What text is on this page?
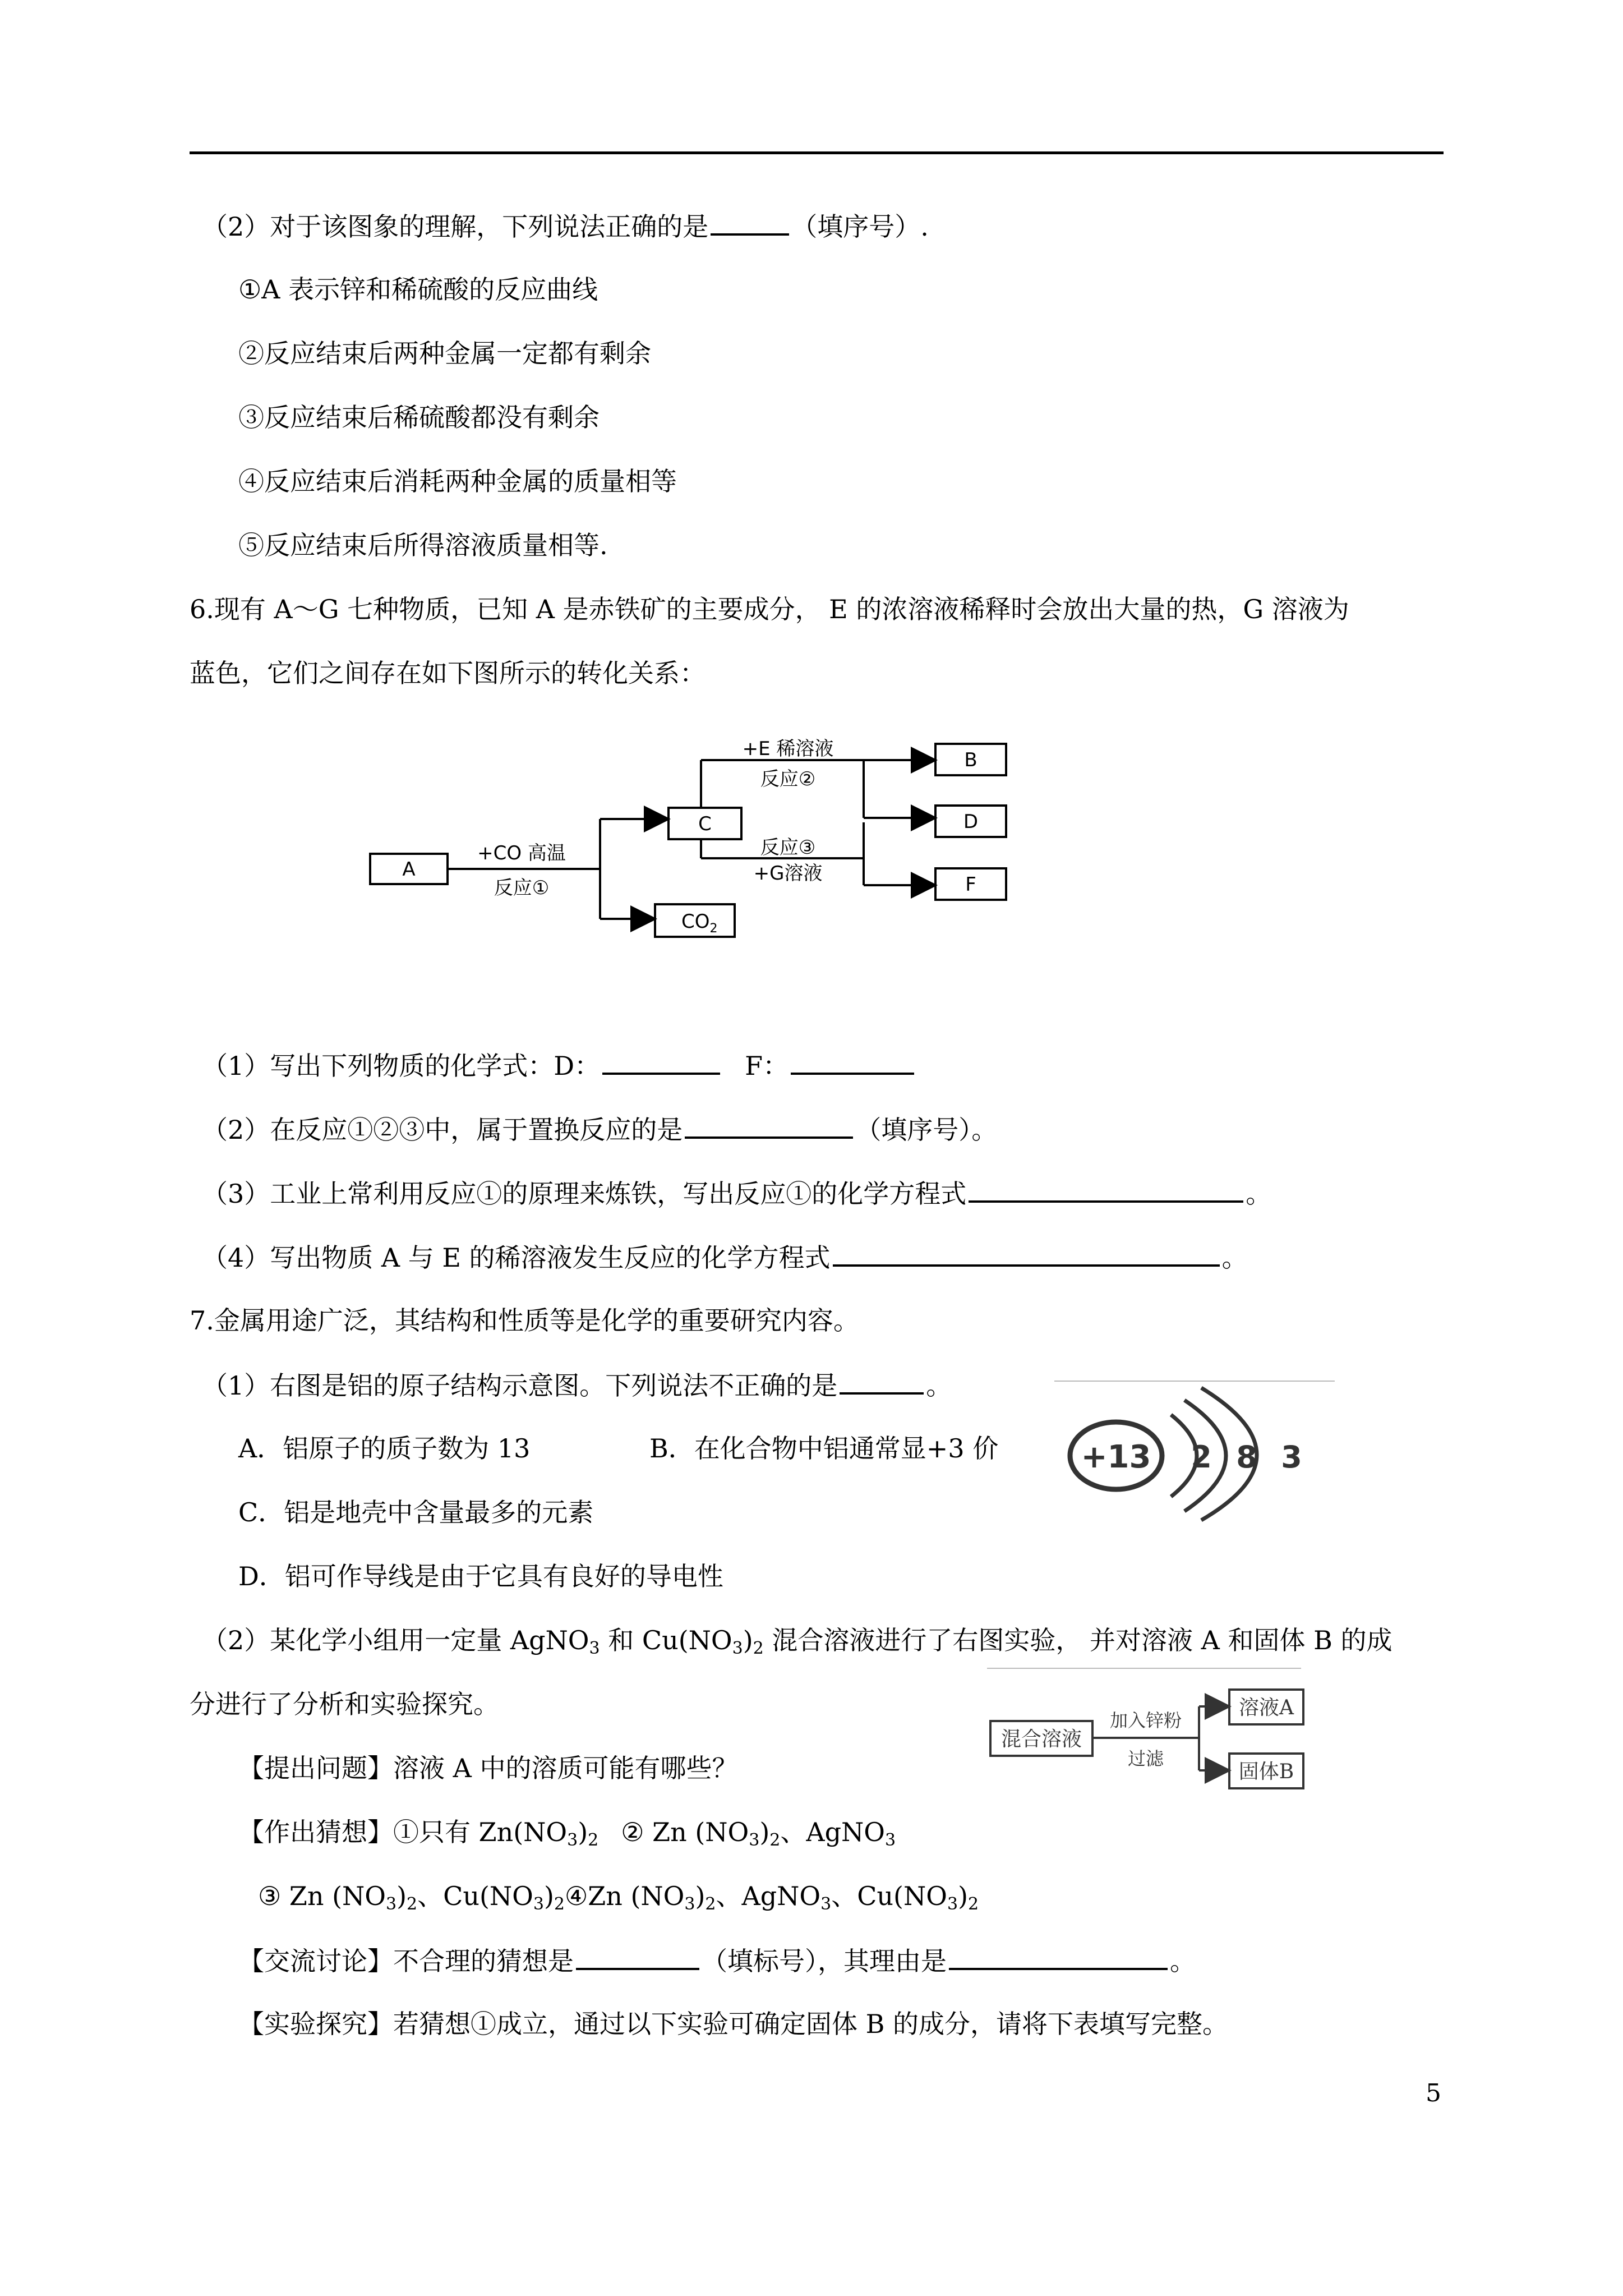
（2）对于该图象的理解，下列说法正确的是	（填序号）.
①A 表示锌和稀硫酸的反应曲线
②反应结束后两种金属一定都有剩余
③反应结束后稀硫酸都没有剩余
④反应结束后消耗两种金属的质量相等
⑤反应结束后所得溶液质量相等.
6.现有 A～G 七种物质，已知 A 是赤铁矿的主要成分， E 的浓溶液稀释时会放出大量的热，G 溶液为
蓝色，它们之间存在如下图所示的转化关系：
A
C
B
D
F
+CO 高温
反应①
+E 稀溶液
反应②
反应③
+G溶液
$CO_2$
（1）写出下列物质的化学式：D：	F：
（2）在反应①②③中，属于置换反应的是	（填序号）。
（3）工业上常利用反应①的原理来炼铁，写出反应①的化学方程式	。
（4）写出物质 A 与 E 的稀溶液发生反应的化学方程式	。
7.金属用途广泛，其结构和性质等是化学的重要研究内容。
（1）右图是铝的原子结构示意图。下列说法不正确的是	。
A．铝原子的质子数为 13	B．在化合物中铝通常显+3 价
C．铝是地壳中含量最多的元素
D．铝可作导线是由于它具有良好的导电性
+13 2 8 3
（2）某化学小组用一定量 AgNO$_3$ 和 $Cu(NO_3)_2$ 混合溶液进行了右图实验， 并对溶液 A 和固体 B 的成
分进行了分析和实验探究。
混合溶液
加入锌粉
过滤
溶液A
固体B
【提出问题】溶液 A 中的溶质可能有哪些？
【作出猜想】①只有 $Zn(NO_3)_2$ ② Zn $(NO_3)_2$、AgNO$_3$
③ Zn $(NO_3)_2$、$Cu(NO_3)_2④Zn$ $(NO_3)_2$、AgNO$_3$、$Cu(NO_3)_2$
【交流讨论】不合理的猜想是	（填标号），其理由是	。
【实验探究】若猜想①成立，通过以下实验可确定固体 B 的成分，请将下表填写完整。
5
